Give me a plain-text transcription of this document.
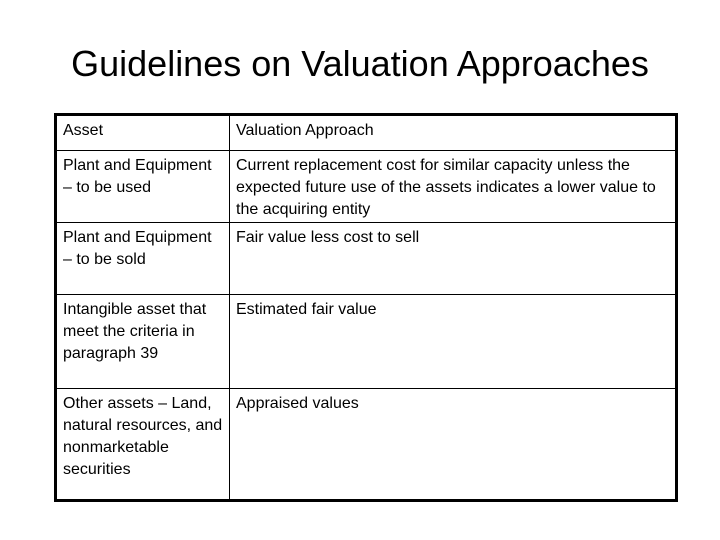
Guidelines on Valuation Approaches
Asset	Valuation Approach
Plant and Equipment – to be used	Current replacement cost for similar capacity unless the expected future use of the assets indicates a lower value to the acquiring entity
Plant and Equipment – to be sold	Fair value less cost to sell
Intangible asset that meet the criteria in paragraph 39	Estimated fair value
Other assets – Land, natural resources, and nonmarketable securities	Appraised values
